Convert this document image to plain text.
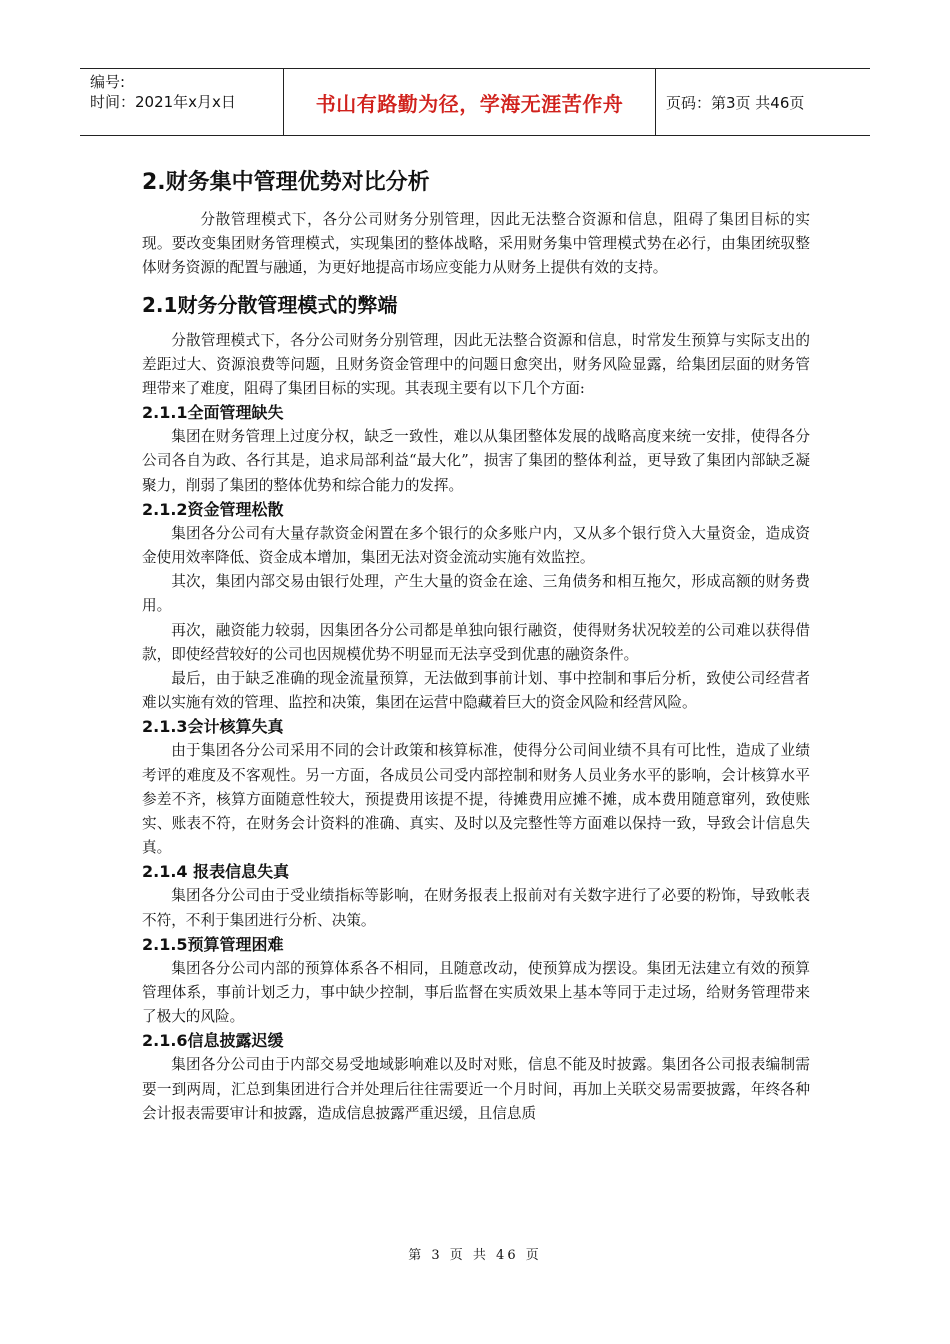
编号:
时间：2021年x月x日	书山有路勤为径，学海无涯苦作舟	页码：第3页 共46页
2.财务集中管理优势对比分析

分散管理模式下，各分公司财务分别管理，因此无法整合资源和信息，阻碍了集团目标的实现。要改变集团财务管理模式，实现集团的整体战略，采用财务集中管理模式势在必行，由集团统驭整体财务资源的配置与融通，为更好地提高市场应变能力从财务上提供有效的支持。

2.1财务分散管理模式的弊端

分散管理模式下，各分公司财务分别管理，因此无法整合资源和信息，时常发生预算与实际支出的差距过大、资源浪费等问题，且财务资金管理中的问题日愈突出，财务风险显露，给集团层面的财务管理带来了难度，阻碍了集团目标的实现。其表现主要有以下几个方面:

2.1.1全面管理缺失

集团在财务管理上过度分权，缺乏一致性，难以从集团整体发展的战略高度来统一安排，使得各分公司各自为政、各行其是，追求局部利益“最大化”，损害了集团的整体利益，更导致了集团内部缺乏凝聚力，削弱了集团的整体优势和综合能力的发挥。

2.1.2资金管理松散

集团各分公司有大量存款资金闲置在多个银行的众多账户内，又从多个银行贷入大量资金，造成资金使用效率降低、资金成本增加，集团无法对资金流动实施有效监控。

其次，集团内部交易由银行处理，产生大量的资金在途、三角债务和相互拖欠，形成高额的财务费用。

再次，融资能力较弱，因集团各分公司都是单独向银行融资，使得财务状况较差的公司难以获得借款，即使经营较好的公司也因规模优势不明显而无法享受到优惠的融资条件。

最后，由于缺乏准确的现金流量预算，无法做到事前计划、事中控制和事后分析，致使公司经营者难以实施有效的管理、监控和决策，集团在运营中隐藏着巨大的资金风险和经营风险。

2.1.3会计核算失真

由于集团各分公司采用不同的会计政策和核算标准，使得分公司间业绩不具有可比性，造成了业绩考评的难度及不客观性。另一方面，各成员公司受内部控制和财务人员业务水平的影响，会计核算水平参差不齐，核算方面随意性较大，预提费用该提不提，待摊费用应摊不摊，成本费用随意窜列，致使账实、账表不符，在财务会计资料的准确、真实、及时以及完整性等方面难以保持一致，导致会计信息失真。

2.1.4 报表信息失真

集团各分公司由于受业绩指标等影响，在财务报表上报前对有关数字进行了必要的粉饰，导致帐表不符，不利于集团进行分析、决策。

2.1.5预算管理困难

集团各分公司内部的预算体系各不相同，且随意改动，使预算成为摆设。集团无法建立有效的预算管理体系，事前计划乏力，事中缺少控制，事后监督在实质效果上基本等同于走过场，给财务管理带来了极大的风险。

2.1.6信息披露迟缓

集团各分公司由于内部交易受地域影响难以及时对账，信息不能及时披露。集团各公司报表编制需要一到两周，汇总到集团进行合并处理后往往需要近一个月时间，再加上关联交易需要披露，年终各种会计报表需要审计和披露，造成信息披露严重迟缓，且信息质

第 3 页 共 46 页
